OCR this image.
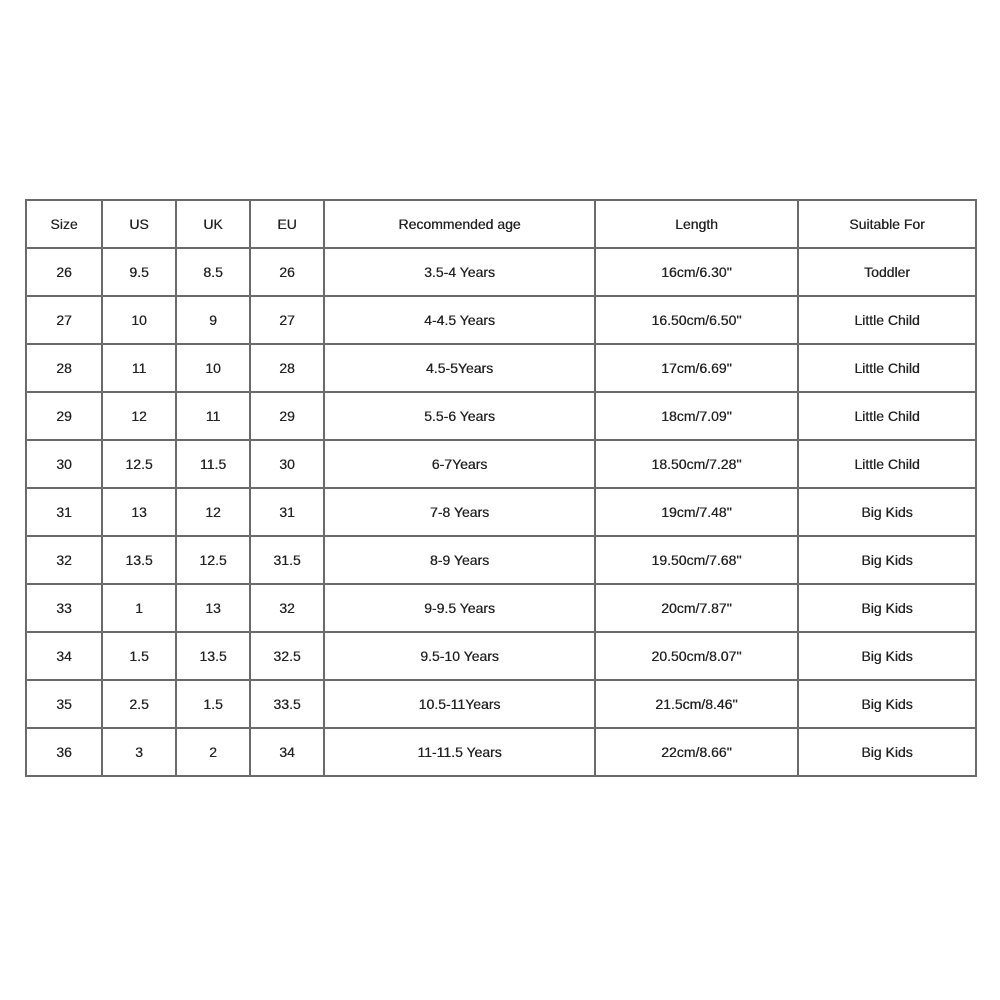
Size	US	UK	EU	Recommended age	Length	Suitable For
26	9.5	8.5	26	3.5-4 Years	16cm/6.30''	Toddler
27	10	9	27	4-4.5 Years	16.50cm/6.50''	Little Child
28	11	10	28	4.5-5Years	17cm/6.69''	Little Child
29	12	11	29	5.5-6 Years	18cm/7.09''	Little Child
30	12.5	11.5	30	6-7Years	18.50cm/7.28''	Little Child
31	13	12	31	7-8 Years	19cm/7.48''	Big Kids
32	13.5	12.5	31.5	8-9 Years	19.50cm/7.68''	Big Kids
33	1	13	32	9-9.5 Years	20cm/7.87''	Big Kids
34	1.5	13.5	32.5	9.5-10 Years	20.50cm/8.07''	Big Kids
35	2.5	1.5	33.5	10.5-11Years	21.5cm/8.46''	Big Kids
36	3	2	34	11-11.5 Years	22cm/8.66''	Big Kids
